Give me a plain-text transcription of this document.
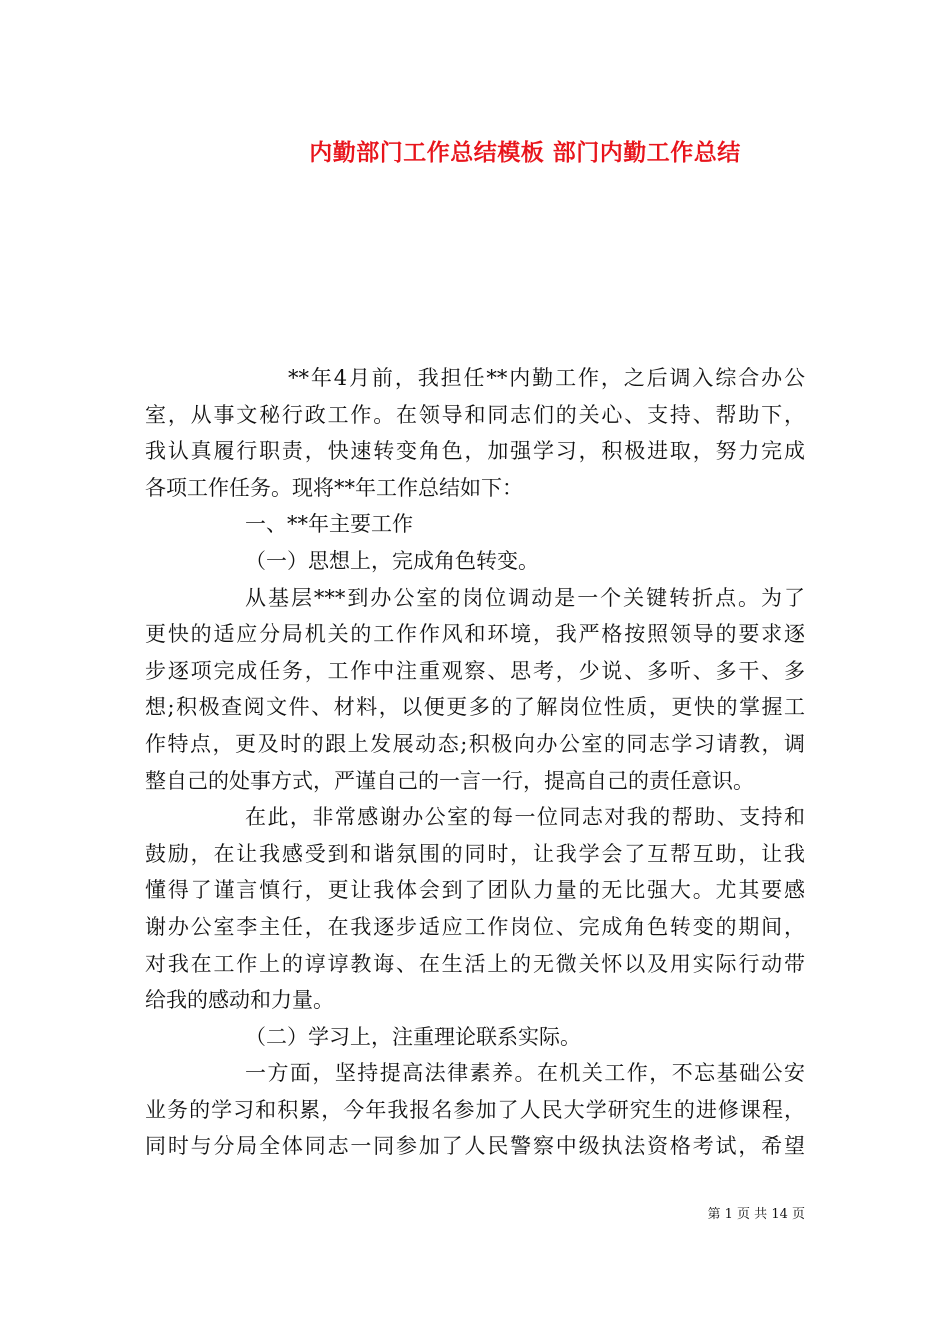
内勤部门工作总结模板 部门内勤工作总结
**年4月前，我担任**内勤工作，之后调入综合办公
室，从事文秘行政工作。在领导和同志们的关心、支持、帮助下，
我认真履行职责，快速转变角色，加强学习，积极进取，努力完成
各项工作任务。现将**年工作总结如下：
一、**年主要工作
（一）思想上，完成角色转变。
从基层***到办公室的岗位调动是一个关键转折点。为了
更快的适应分局机关的工作作风和环境，我严格按照领导的要求逐
步逐项完成任务，工作中注重观察、思考，少说、多听、多干、多
想;积极查阅文件、材料，以便更多的了解岗位性质，更快的掌握工
作特点，更及时的跟上发展动态;积极向办公室的同志学习请教，调
整自己的处事方式，严谨自己的一言一行，提高自己的责任意识。
在此，非常感谢办公室的每一位同志对我的帮助、支持和
鼓励，在让我感受到和谐氛围的同时，让我学会了互帮互助，让我
懂得了谨言慎行，更让我体会到了团队力量的无比强大。尤其要感
谢办公室李主任，在我逐步适应工作岗位、完成角色转变的期间，
对我在工作上的谆谆教诲、在生活上的无微关怀以及用实际行动带
给我的感动和力量。
（二）学习上，注重理论联系实际。
一方面，坚持提高法律素养。在机关工作，不忘基础公安
业务的学习和积累，今年我报名参加了人民大学研究生的进修课程，
同时与分局全体同志一同参加了人民警察中级执法资格考试，希望
第 1 页 共 14 页
